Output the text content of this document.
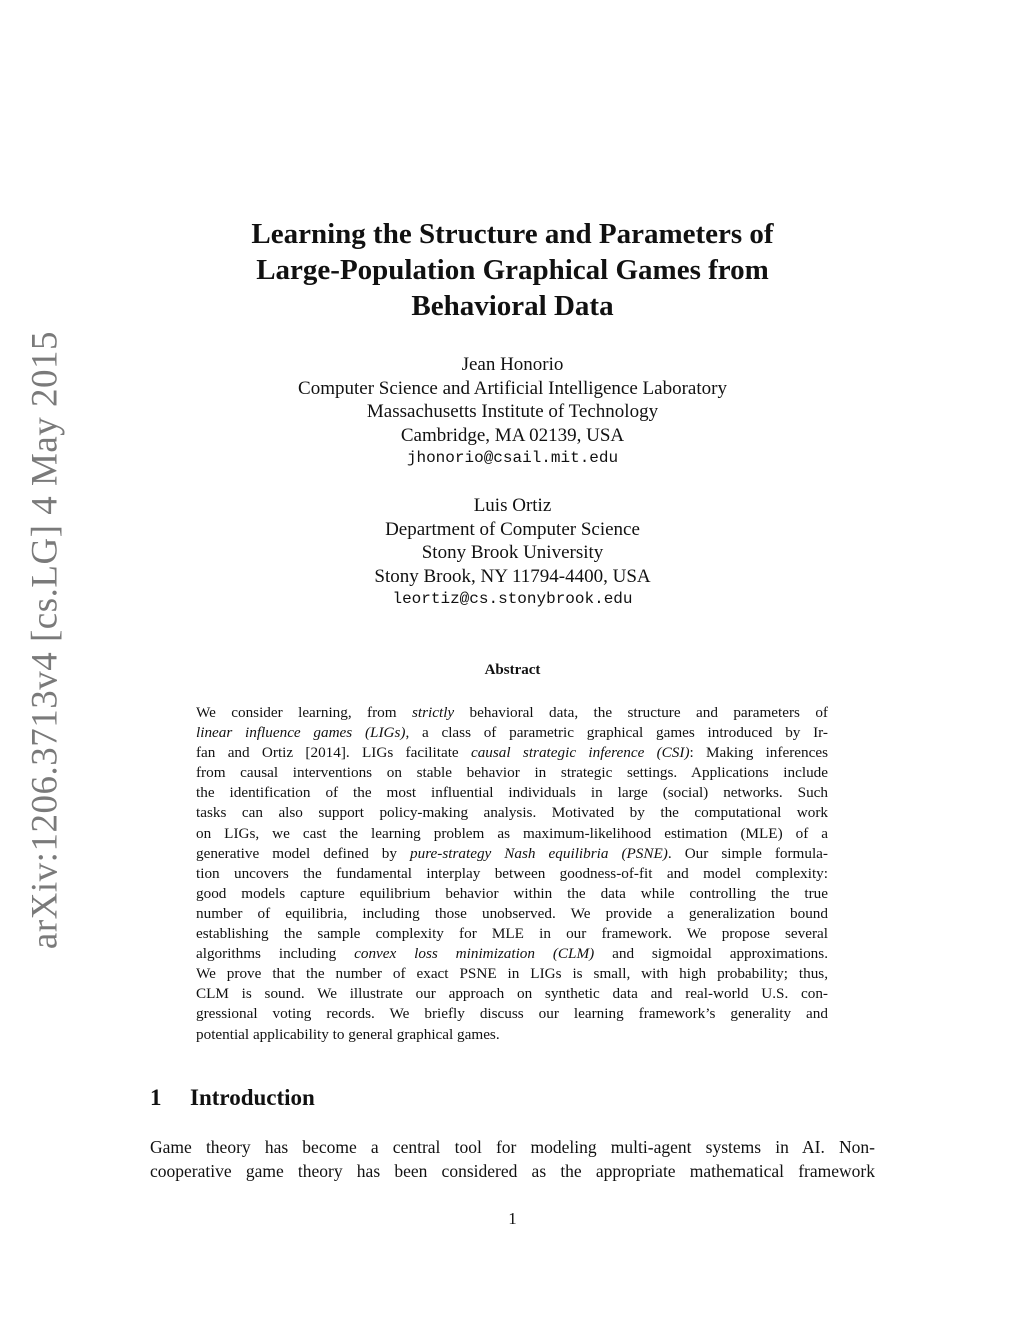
arXiv:1206.3713v4 [cs.LG] 4 May 2015
Learning the Structure and Parameters of
Large-Population Graphical Games from
Behavioral Data
Jean Honorio
Computer Science and Artificial Intelligence Laboratory
Massachusetts Institute of Technology
Cambridge, MA 02139, USA
jhonorio@csail.mit.edu
Luis Ortiz
Department of Computer Science
Stony Brook University
Stony Brook, NY 11794-4400, USA
leortiz@cs.stonybrook.edu
Abstract
We consider learning, from strictly behavioral data, the structure and parameters of
linear influence games (LIGs), a class of parametric graphical games introduced by Ir-
fan and Ortiz [2014]. LIGs facilitate causal strategic inference (CSI): Making inferences
from causal interventions on stable behavior in strategic settings. Applications include
the identification of the most influential individuals in large (social) networks. Such
tasks can also support policy-making analysis. Motivated by the computational work
on LIGs, we cast the learning problem as maximum-likelihood estimation (MLE) of a
generative model defined by pure-strategy Nash equilibria (PSNE). Our simple formula-
tion uncovers the fundamental interplay between goodness-of-fit and model complexity:
good models capture equilibrium behavior within the data while controlling the true
number of equilibria, including those unobserved. We provide a generalization bound
establishing the sample complexity for MLE in our framework. We propose several
algorithms including convex loss minimization (CLM) and sigmoidal approximations.
We prove that the number of exact PSNE in LIGs is small, with high probability; thus,
CLM is sound. We illustrate our approach on synthetic data and real-world U.S. con-
gressional voting records. We briefly discuss our learning framework’s generality and
potential applicability to general graphical games.
1 Introduction
Game theory has become a central tool for modeling multi-agent systems in AI. Non-
cooperative game theory has been considered as the appropriate mathematical framework
1
